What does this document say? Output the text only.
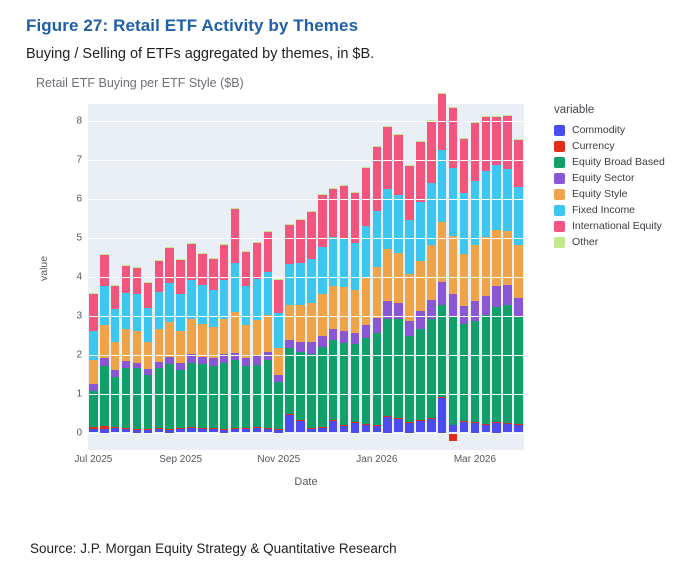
Figure 27: Retail ETF Activity by Themes
Buying / Selling of ETFs aggregated by themes, in $B.
Retail ETF Buying per ETF Style ($B)
value
0
1
2
3
4
5
6
7
8
Jul 2025	Sep 2025	Nov 2025	Jan 2026	Mar 2026
Date
variable
Commodity
Currency
Equity Broad Based
Equity Sector
Equity Style
Fixed Income
International Equity
Other
Source: J.P. Morgan Equity Strategy & Quantitative Research
